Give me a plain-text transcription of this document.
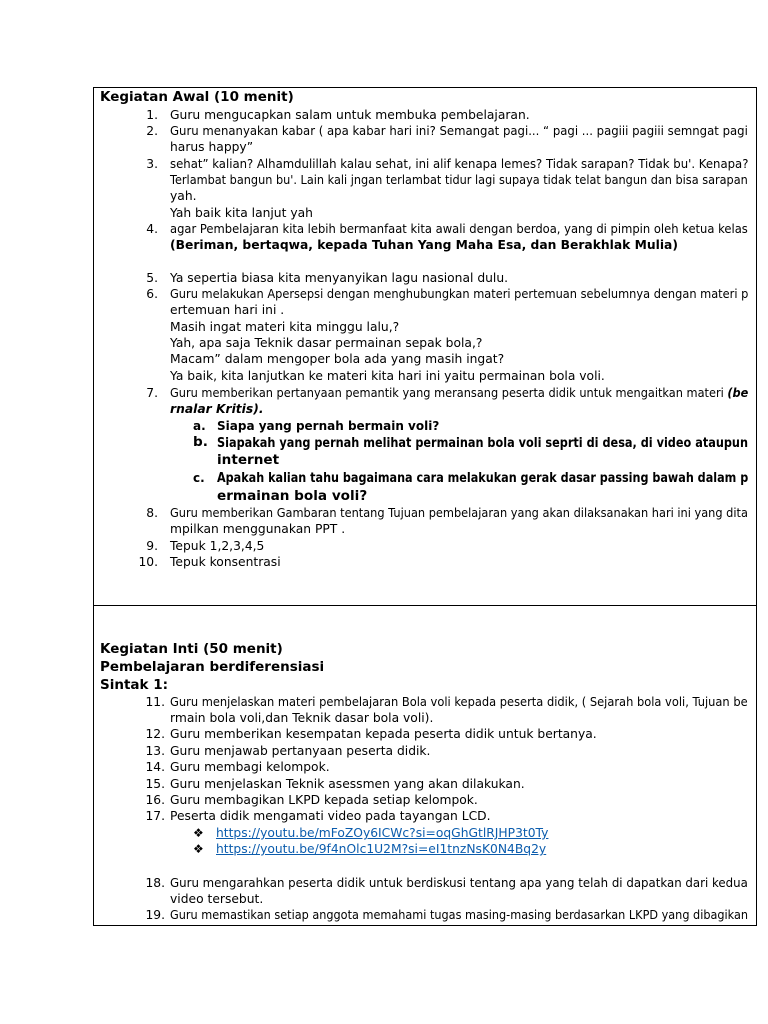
Kegiatan Awal (10 menit)
1. Guru mengucapkan salam untuk membuka pembelajaran.
2. Guru menanyakan kabar ( apa kabar hari ini? Semangat pagi... “ pagi ... pagiii pagiii semngat pagi
harus happy”
3. sehat” kalian? Alhamdulillah kalau sehat, ini alif kenapa lemes? Tidak sarapan? Tidak bu'. Kenapa?
Terlambat bangun bu'. Lain kali jngan terlambat tidur lagi supaya tidak telat bangun dan bisa sarapan
yah.
Yah baik kita lanjut yah
4. agar Pembelajaran kita lebih bermanfaat kita awali dengan berdoa, yang di pimpin oleh ketua kelas
(Beriman, bertaqwa, kepada Tuhan Yang Maha Esa, dan Berakhlak Mulia)
5. Ya sepertia biasa kita menyanyikan lagu nasional dulu.
6. Guru melakukan Apersepsi dengan menghubungkan materi pertemuan sebelumnya dengan materi p
ertemuan hari ini .
Masih ingat materi kita minggu lalu,?
Yah, apa saja Teknik dasar permainan sepak bola,?
Macam” dalam mengoper bola ada yang masih ingat?
Ya baik, kita lanjutkan ke materi kita hari ini yaitu permainan bola voli.
7. Guru memberikan pertanyaan pemantik yang meransang peserta didik untuk mengaitkan materi (be
rnalar Kritis).
a. Siapa yang pernah bermain voli?
b. Siapakah yang pernah melihat permainan bola voli seprti di desa, di video ataupun
internet
c. Apakah kalian tahu bagaimana cara melakukan gerak dasar passing bawah dalam p
ermainan bola voli?
8. Guru memberikan Gambaran tentang Tujuan pembelajaran yang akan dilaksanakan hari ini yang dita
mpilkan menggunakan PPT .
9. Tepuk 1,2,3,4,5
10. Tepuk konsentrasi
Kegiatan Inti (50 menit)
Pembelajaran berdiferensiasi
Sintak 1:
11. Guru menjelaskan materi pembelajaran Bola voli kepada peserta didik, ( Sejarah bola voli, Tujuan be
rmain bola voli,dan Teknik dasar bola voli).
12. Guru memberikan kesempatan kepada peserta didik untuk bertanya.
13. Guru menjawab pertanyaan peserta didik.
14. Guru membagi kelompok.
15. Guru menjelaskan Teknik asessmen yang akan dilakukan.
16. Guru membagikan LKPD kepada setiap kelompok.
17. Peserta didik mengamati video pada tayangan LCD.
❖ https://youtu.be/mFoZOy6ICWc?si=oqGhGtlRJHP3t0Ty
❖ https://youtu.be/9f4nOlc1U2M?si=eI1tnzNsK0N4Bq2y
18. Guru mengarahkan peserta didik untuk berdiskusi tentang apa yang telah di dapatkan dari kedua
video tersebut.
19. Guru memastikan setiap anggota memahami tugas masing-masing berdasarkan LKPD yang dibagikan
